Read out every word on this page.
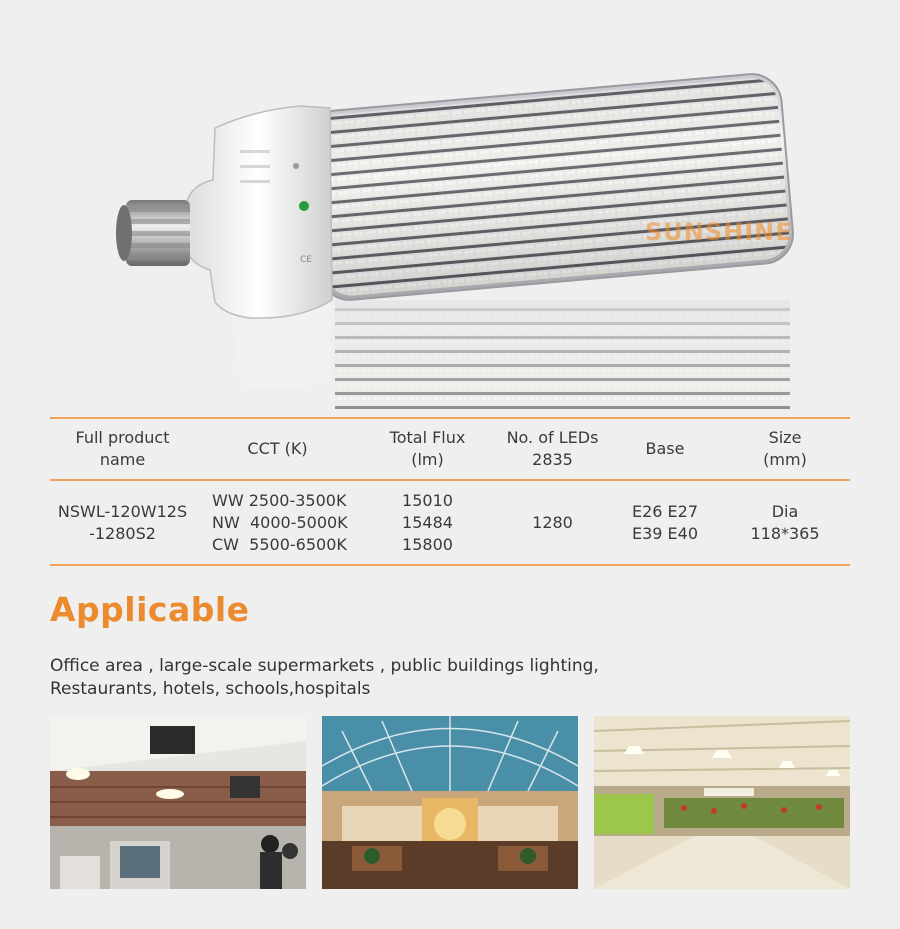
CE
SUNSHINE
Full product
name
CCT (K)
Total Flux
(lm)
No. of LEDs
2835
Base
Size
(mm)
NSWL-120W12S
-1280S2
WW 2500-3500K
NW  4000-5000K
CW  5500-6500K
15010
15484
15800
1280
E26 E27
E39 E40
Dia
118*365
Applicable
Office area , large-scale supermarkets , public buildings lighting,
Restaurants, hotels, schools,hospitals
